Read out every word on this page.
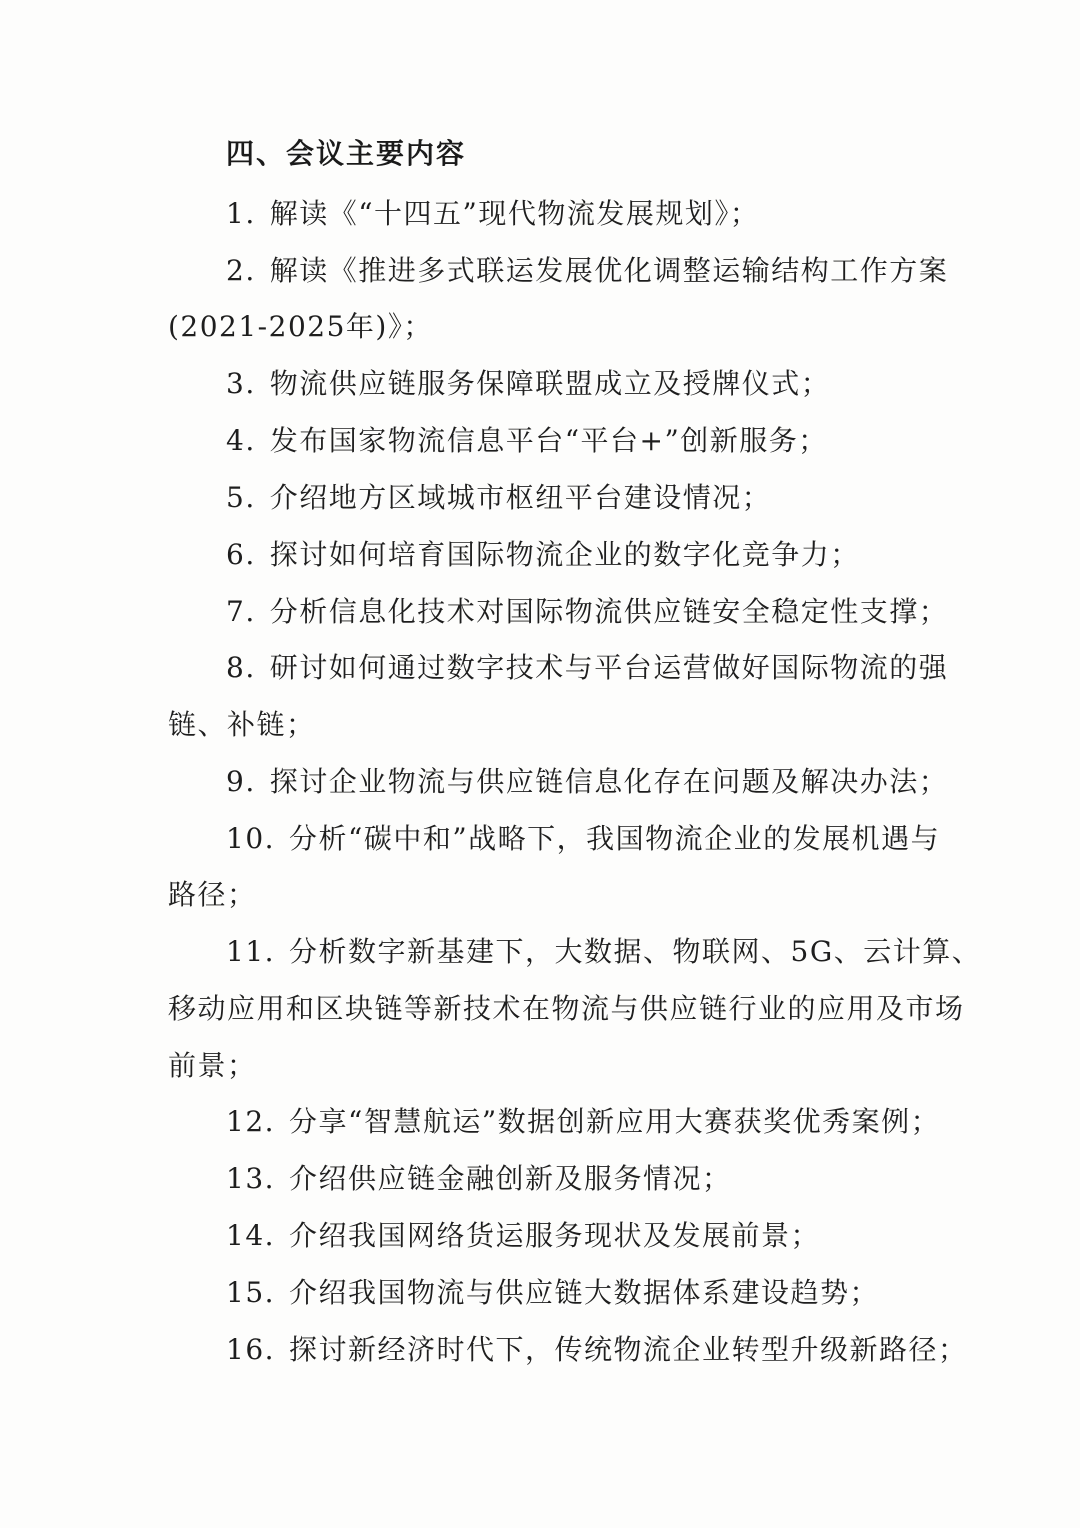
四、会议主要内容
1. 解读《“十四五”现代物流发展规划》；
2. 解读《推进多式联运发展优化调整运输结构工作方案
(2021-2025年)》；
3. 物流供应链服务保障联盟成立及授牌仪式；
4. 发布国家物流信息平台“平台+”创新服务；
5. 介绍地方区域城市枢纽平台建设情况；
6. 探讨如何培育国际物流企业的数字化竞争力；
7. 分析信息化技术对国际物流供应链安全稳定性支撑；
8. 研讨如何通过数字技术与平台运营做好国际物流的强
链、补链；
9. 探讨企业物流与供应链信息化存在问题及解决办法；
10. 分析“碳中和”战略下，我国物流企业的发展机遇与
路径；
11. 分析数字新基建下，大数据、物联网、5G、云计算、
移动应用和区块链等新技术在物流与供应链行业的应用及市场
前景；
12. 分享“智慧航运”数据创新应用大赛获奖优秀案例；
13. 介绍供应链金融创新及服务情况；
14. 介绍我国网络货运服务现状及发展前景；
15. 介绍我国物流与供应链大数据体系建设趋势；
16. 探讨新经济时代下，传统物流企业转型升级新路径；
